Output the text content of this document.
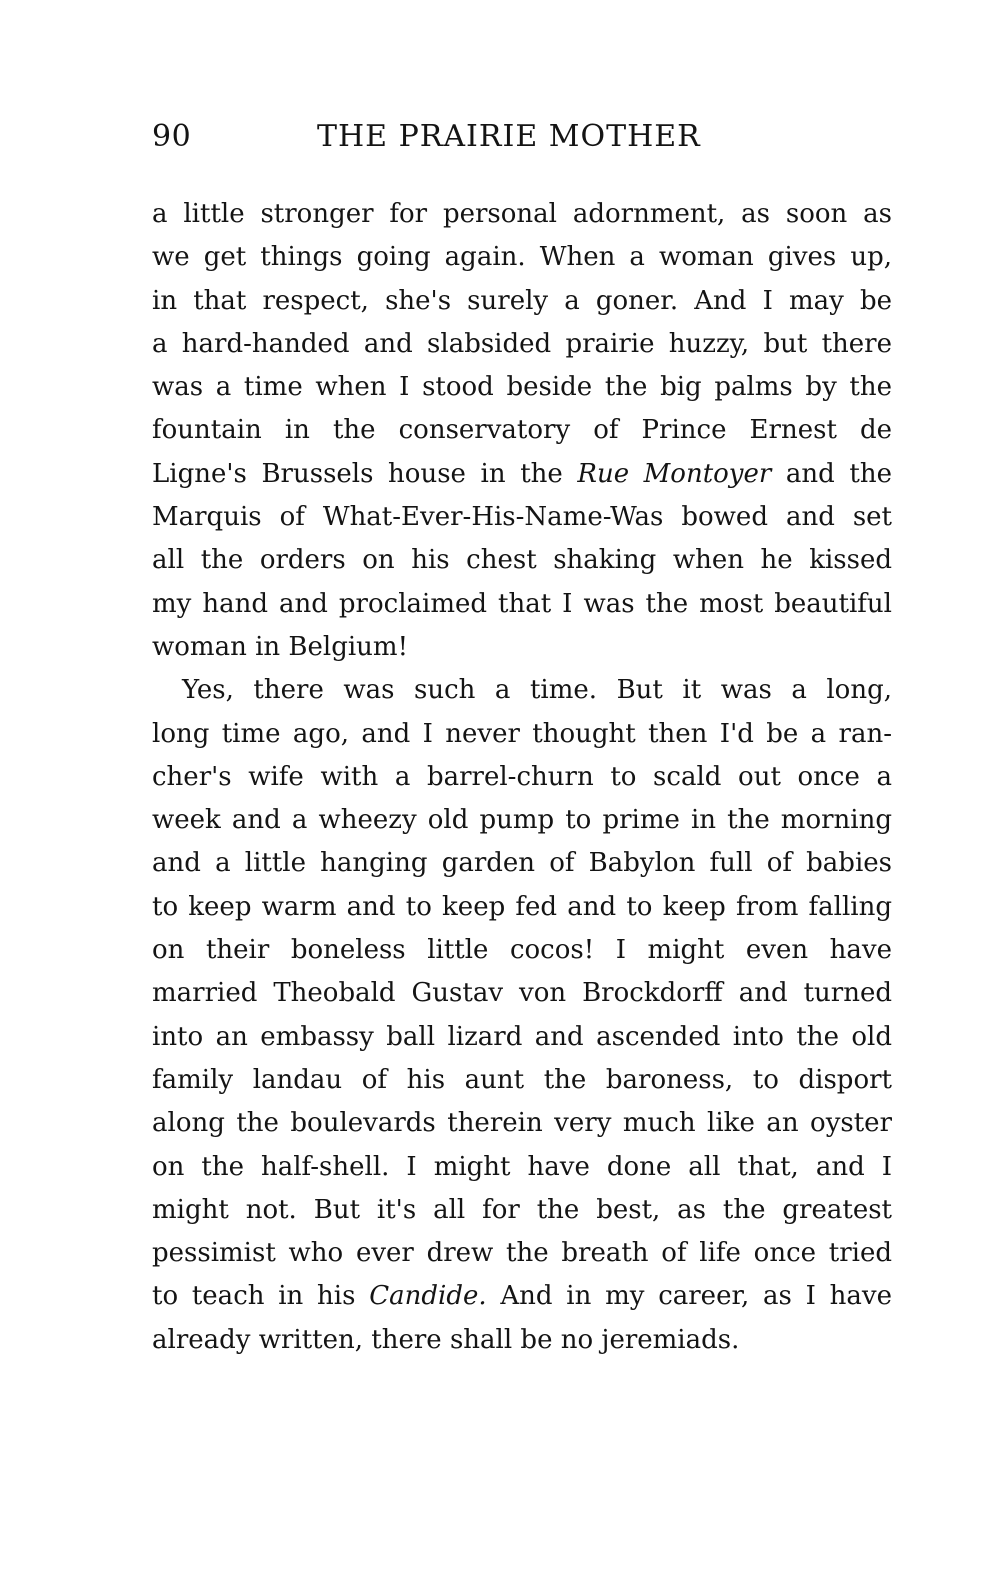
90	THE PRAIRIE MOTHER
a little stronger for personal adornment, as soon as
we get things going again. When a woman gives up,
in that respect, she's surely a goner. And I may be
a hard-handed and slabsided prairie huzzy, but there
was a time when I stood beside the big palms by the
fountain in the conservatory of Prince Ernest de
Ligne's Brussels house in the Rue Montoyer and the
Marquis of What-Ever-His-Name-Was bowed and set
all the orders on his chest shaking when he kissed
my hand and proclaimed that I was the most beautiful
woman in Belgium!
Yes, there was such a time. But it was a long,
long time ago, and I never thought then I'd be a ran-
cher's wife with a barrel-churn to scald out once a
week and a wheezy old pump to prime in the morning
and a little hanging garden of Babylon full of babies
to keep warm and to keep fed and to keep from falling
on their boneless little cocos! I might even have
married Theobald Gustav von Brockdorff and turned
into an embassy ball lizard and ascended into the old
family landau of his aunt the baroness, to disport
along the boulevards therein very much like an oyster
on the half-shell. I might have done all that, and I
might not. But it's all for the best, as the greatest
pessimist who ever drew the breath of life once tried
to teach in his Candide. And in my career, as I have
already written, there shall be no jeremiads.
